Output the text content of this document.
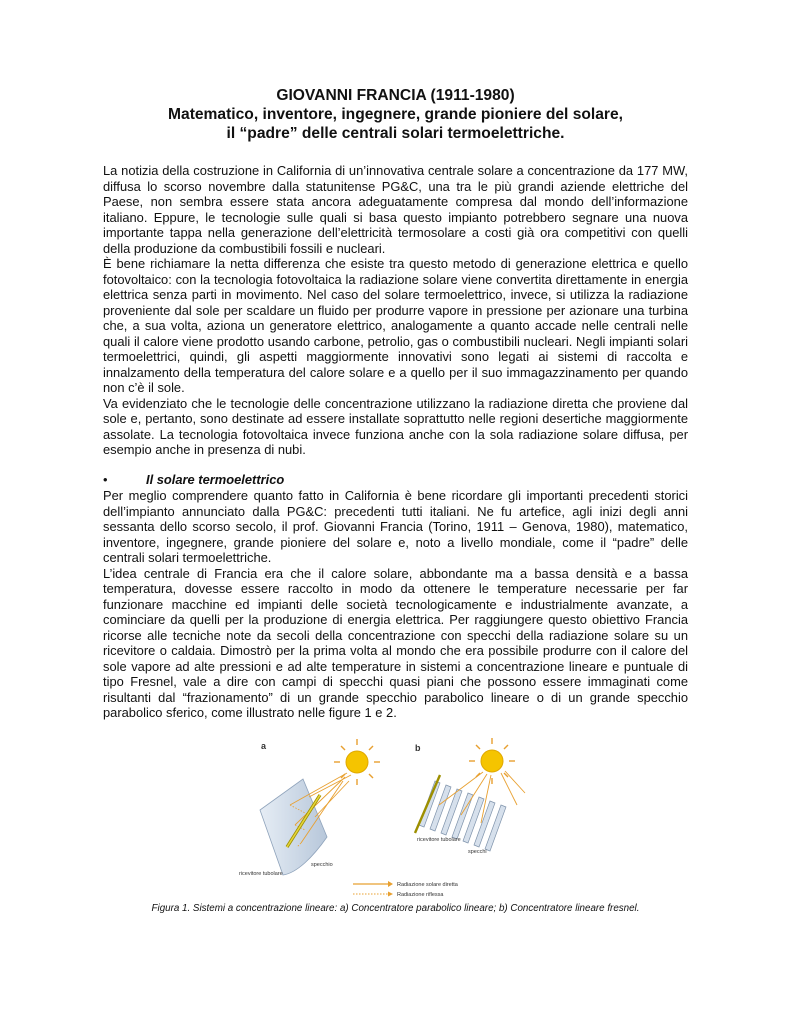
GIOVANNI FRANCIA (1911-1980)
Matematico, inventore, ingegnere, grande pioniere del solare,
il “padre” delle centrali solari termoelettriche.

La notizia della costruzione in California di un’innovativa centrale solare a concentrazione da 177 MW, diffusa lo scorso novembre dalla statunitense PG&C, una tra le più grandi aziende elettriche del Paese, non sembra essere stata ancora adeguatamente compresa dal mondo dell’informazione italiano. Eppure, le tecnologie sulle quali si basa questo impianto potrebbero segnare una nuova importante tappa nella generazione dell’elettricità termosolare a costi già ora competitivi con quelli della produzione da combustibili fossili e nucleari.

È bene richiamare la netta differenza che esiste tra questo metodo di generazione elettrica e quello fotovoltaico: con la tecnologia fotovoltaica la radiazione solare viene convertita direttamente in energia elettrica senza parti in movimento. Nel caso del solare termoelettrico, invece, si utilizza la radiazione proveniente dal sole per scaldare un fluido per produrre vapore in pressione per azionare una turbina che, a sua volta, aziona un generatore elettrico, analogamente a quanto accade nelle centrali nelle quali il calore viene prodotto usando carbone, petrolio, gas o combustibili nucleari. Negli impianti solari termoelettrici, quindi, gli aspetti maggiormente innovativi sono legati ai sistemi di raccolta e innalzamento della temperatura del calore solare e a quello per il suo immagazzinamento per quando non c’è il sole.

Va evidenziato che le tecnologie delle concentrazione utilizzano la radiazione diretta che proviene dal sole e, pertanto, sono destinate ad essere installate soprattutto nelle regioni desertiche maggiormente assolate. La tecnologia fotovoltaica invece funziona anche con la sola radiazione solare diffusa, per esempio anche in presenza di nubi.

•	Il solare termoelettrico

Per meglio comprendere quanto fatto in California è bene ricordare gli importanti precedenti storici dell’impianto annunciato dalla PG&C: precedenti tutti italiani. Ne fu artefice, agli inizi degli anni sessanta dello scorso secolo, il prof. Giovanni Francia (Torino, 1911 – Genova, 1980), matematico, inventore, ingegnere, grande pioniere del solare e, noto a livello mondiale, come il “padre” delle centrali solari termoelettriche.

L’idea centrale di Francia era che il calore solare, abbondante ma a bassa densità e a bassa temperatura, dovesse essere raccolto in modo da ottenere le temperature necessarie per far funzionare macchine ed impianti delle società tecnologicamente e industrialmente avanzate, a cominciare da quelli per la produzione di energia elettrica. Per raggiungere questo obiettivo Francia ricorse alle tecniche note da secoli della concentrazione con specchi della radiazione solare su un ricevitore o caldaia. Dimostrò per la prima volta al mondo che era possibile produrre con il calore del sole vapore ad alte pressioni e ad alte temperature in sistemi a concentrazione lineare e puntuale di tipo Fresnel, vale a dire con campi di specchi quasi piani che possono essere immaginati come risultanti dal “frazionamento” di un grande specchio parabolico lineare o di un grande specchio parabolico sferico, come illustrato nelle figure 1 e 2.

a
ricevitore tubolare
specchio
b
ricevitore tubolare
specchi
Radiazione solare diretta
Radiazione riflessa
Figura 1. Sistemi a concentrazione lineare: a) Concentratore parabolico lineare; b) Concentratore lineare fresnel.
